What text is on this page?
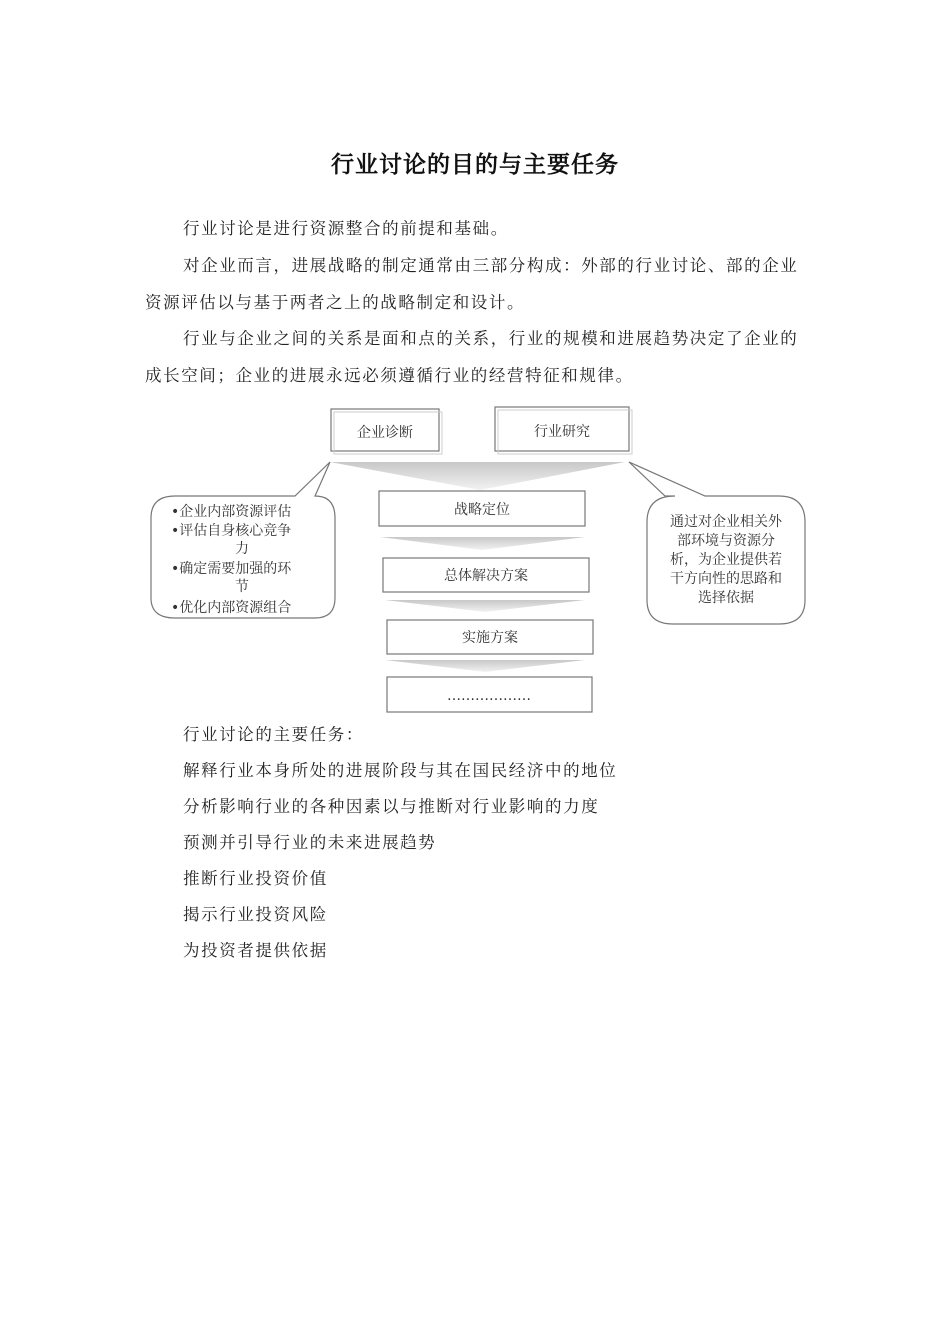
行业讨论的目的与主要任务

行业讨论是进行资源整合的前提和基础。

对企业而言，进展战略的制定通常由三部分构成：外部的行业讨论、部的企业资源评估以与基于两者之上的战略制定和设计。

行业与企业之间的关系是面和点的关系，行业的规模和进展趋势决定了企业的成长空间；企业的进展永远必须遵循行业的经营特征和规律。

企业诊断	行业研究
战略定位
总体解决方案
实施方案
………………
•企业内部资源评估
•评估自身核心竞争
力
•确定需要加强的环
节
•优化内部资源组合
通过对企业相关外
部环境与资源分
析，为企业提供若
干方向性的思路和
选择依据
行业讨论的主要任务：
解释行业本身所处的进展阶段与其在国民经济中的地位
分析影响行业的各种因素以与推断对行业影响的力度
预测并引导行业的未来进展趋势
推断行业投资价值
揭示行业投资风险
为投资者提供依据
